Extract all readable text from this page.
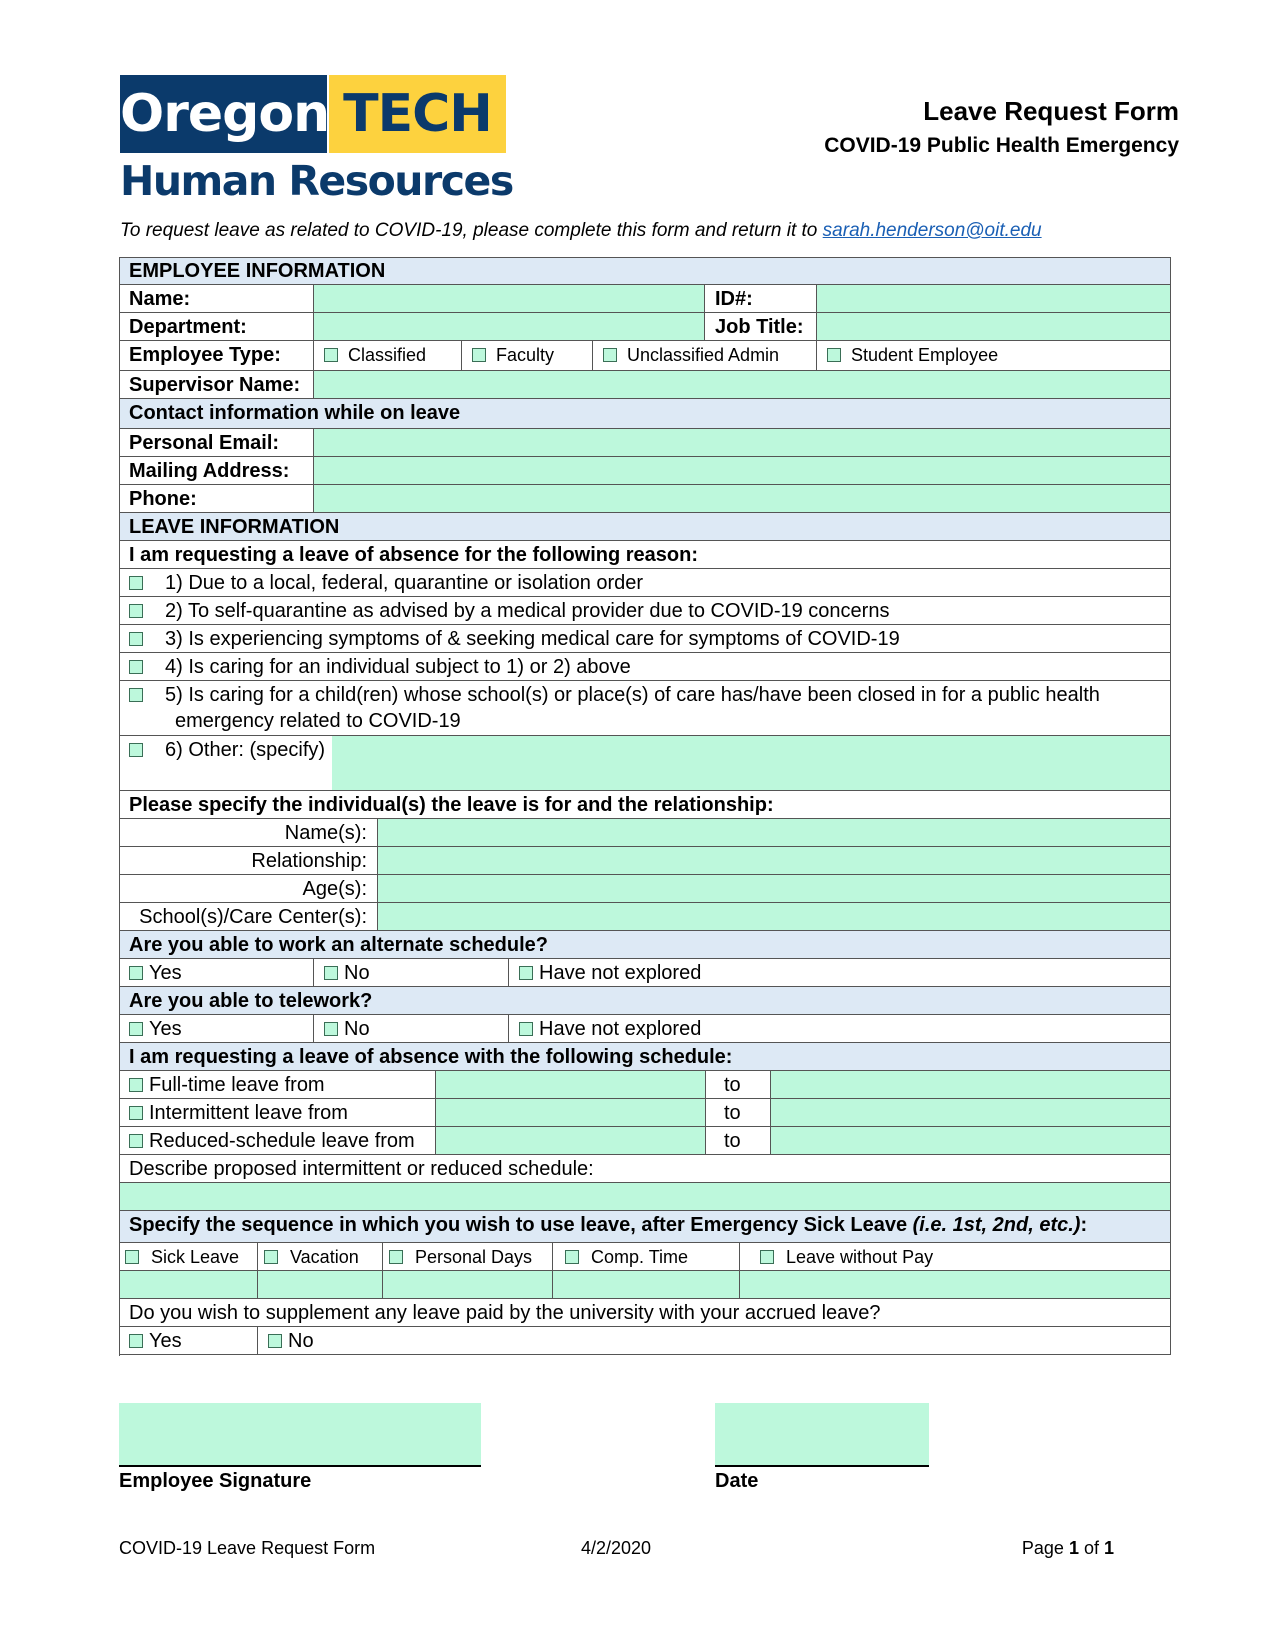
Oregon TECH
Human Resources
Leave Request Form
COVID-19 Public Health Emergency
To request leave as related to COVID-19, please complete this form and return it to sarah.henderson@oit.edu
EMPLOYEE INFORMATION
Name:	ID#:
Department:	Job Title:
Employee Type:	Classified	Faculty	Unclassified Admin	Student Employee
Supervisor Name:
Contact information while on leave
Personal Email:
Mailing Address:
Phone:
LEAVE INFORMATION
I am requesting a leave of absence for the following reason:
1) Due to a local, federal, quarantine or isolation order
2) To self-quarantine as advised by a medical provider due to COVID-19 concerns
3) Is experiencing symptoms of & seeking medical care for symptoms of COVID-19
4) Is caring for an individual subject to 1) or 2) above
5) Is caring for a child(ren) whose school(s) or place(s) of care has/have been closed in for a public health
emergency related to COVID-19
6) Other: (specify)
Please specify the individual(s) the leave is for and the relationship:
Name(s):
Relationship:
Age(s):
School(s)/Care Center(s):
Are you able to work an alternate schedule?
Yes	No	Have not explored
Are you able to telework?
Yes	No	Have not explored
I am requesting a leave of absence with the following schedule:
Full-time leave from	to
Intermittent leave from	to
Reduced-schedule leave from	to
Describe proposed intermittent or reduced schedule:
Specify the sequence in which you wish to use leave, after Emergency Sick Leave (i.e. 1st, 2nd, etc.):
Sick Leave	Vacation	Personal Days	Comp. Time	Leave without Pay
Do you wish to supplement any leave paid by the university with your accrued leave?
Yes	No
Employee Signature	Date
COVID-19 Leave Request Form	4/2/2020	Page 1 of 1
